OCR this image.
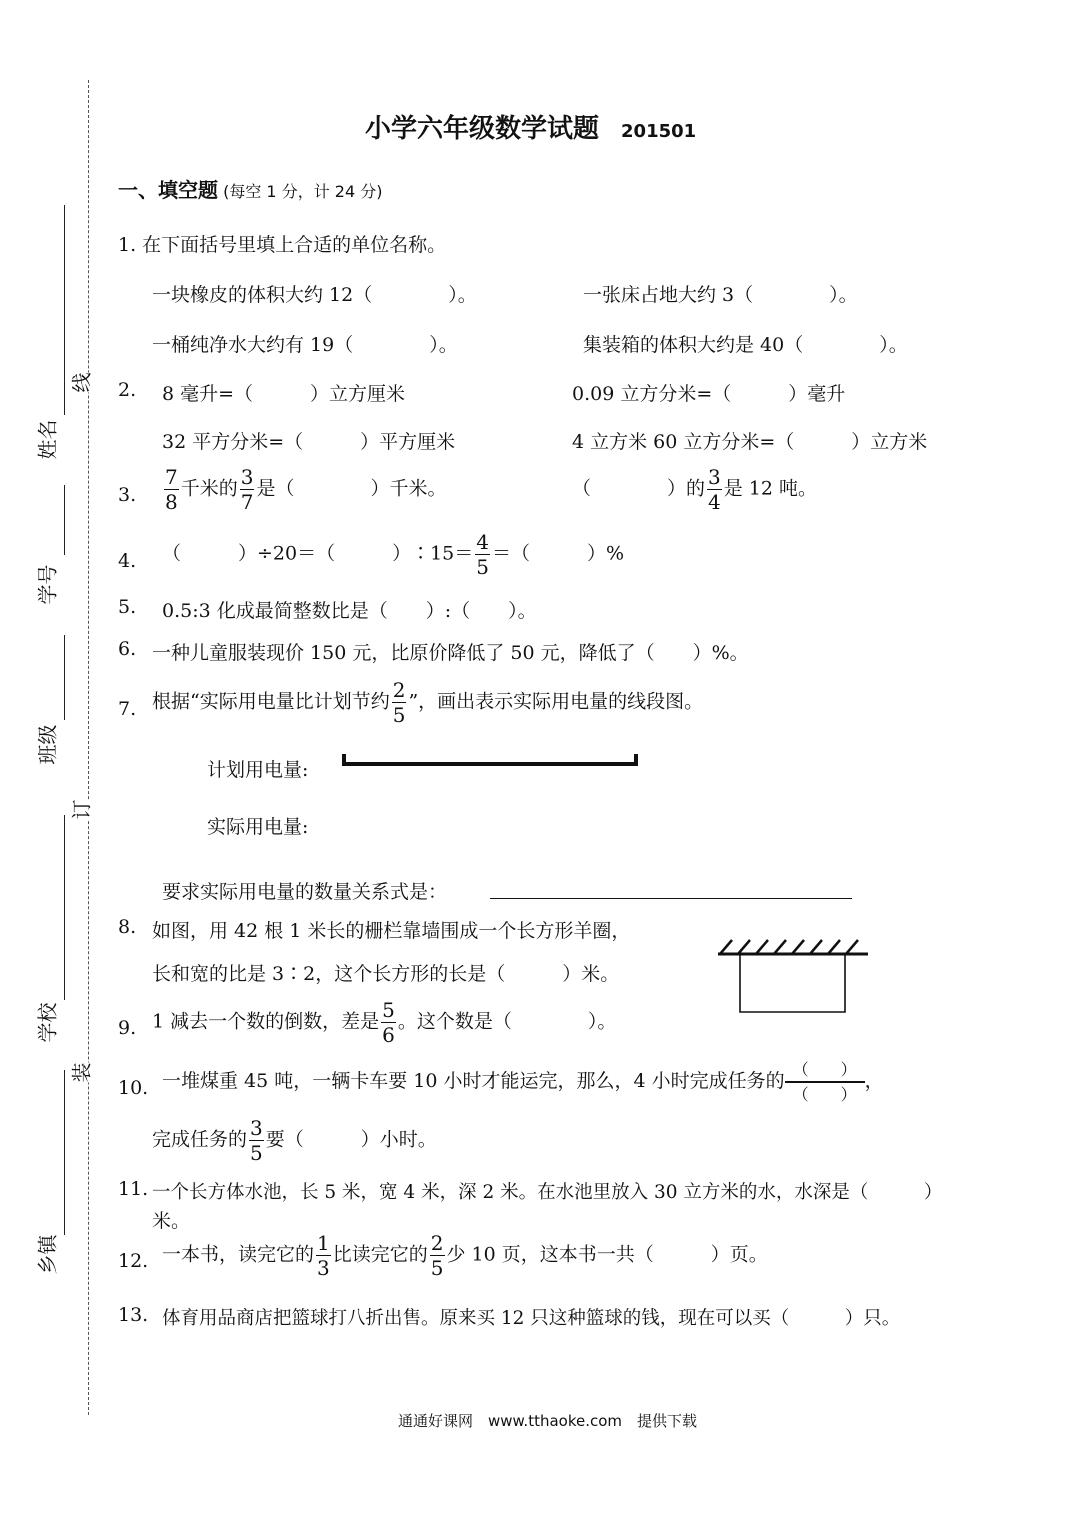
姓名
学号
班级
学校
乡镇
线
订
装
小学六年级数学试题 201501
一、填空题 (每空 1 分，计 24 分)
1. 在下面括号里填上合适的单位名称。
一块橡皮的体积大约 12（　　　　）。	一张床占地大约 3（　　　　）。
一桶纯净水大约有 19（　　　　）。	集装箱的体积大约是 40（　　　　）。
2. 8 毫升=（　　　）立方厘米	0.09 立方分米=（　　　）毫升
32 平方分米=（　　　）平方厘米	4 立方米 60 立方分米=（　　　）立方米
3. $\frac{7}{8}$ 千米的 $\frac{3}{7}$ 是（　　　　）千米。	（　　　　）的 $\frac{3}{4}$ 是 12 吨。
4. （　　　）÷20＝（　　　）∶15＝ $\frac{4}{5}$ ＝（　　　）%
5. 0.5:3 化成最简整数比是（　　）:（　　）。
6. 一种儿童服装现价 150 元，比原价降低了 50 元，降低了（　　）%。
7. 根据“实际用电量比计划节约 $\frac{2}{5}$ ”，画出表示实际用电量的线段图。
计划用电量:
实际用电量:
要求实际用电量的数量关系式是：
8. 如图，用 42 根 1 米长的栅栏靠墙围成一个长方形羊圈，
长和宽的比是 3∶2，这个长方形的长是（　　　）米。
9. 1 减去一个数的倒数，差是 $\frac{5}{6}$ 。这个数是（　　　　）。
10. 一堆煤重 45 吨，一辆卡车要 10 小时才能运完，那么，4 小时完成任务的 $\frac{( )}{( )}$ ，
完成任务的 $\frac{3}{5}$ 要（　　　）小时。
11. 一个长方体水池，长 5 米，宽 4 米，深 2 米。在水池里放入 30 立方米的水，水深是（　　　）
米。
12. 一本书，读完它的 $\frac{1}{3}$ 比读完它的 $\frac{2}{5}$ 少 10 页，这本书一共（　　　）页。
13. 体育用品商店把篮球打八折出售。原来买 12 只这种篮球的钱，现在可以买（　　　）只。
通通好课网　www.tthaoke.com　提供下载
